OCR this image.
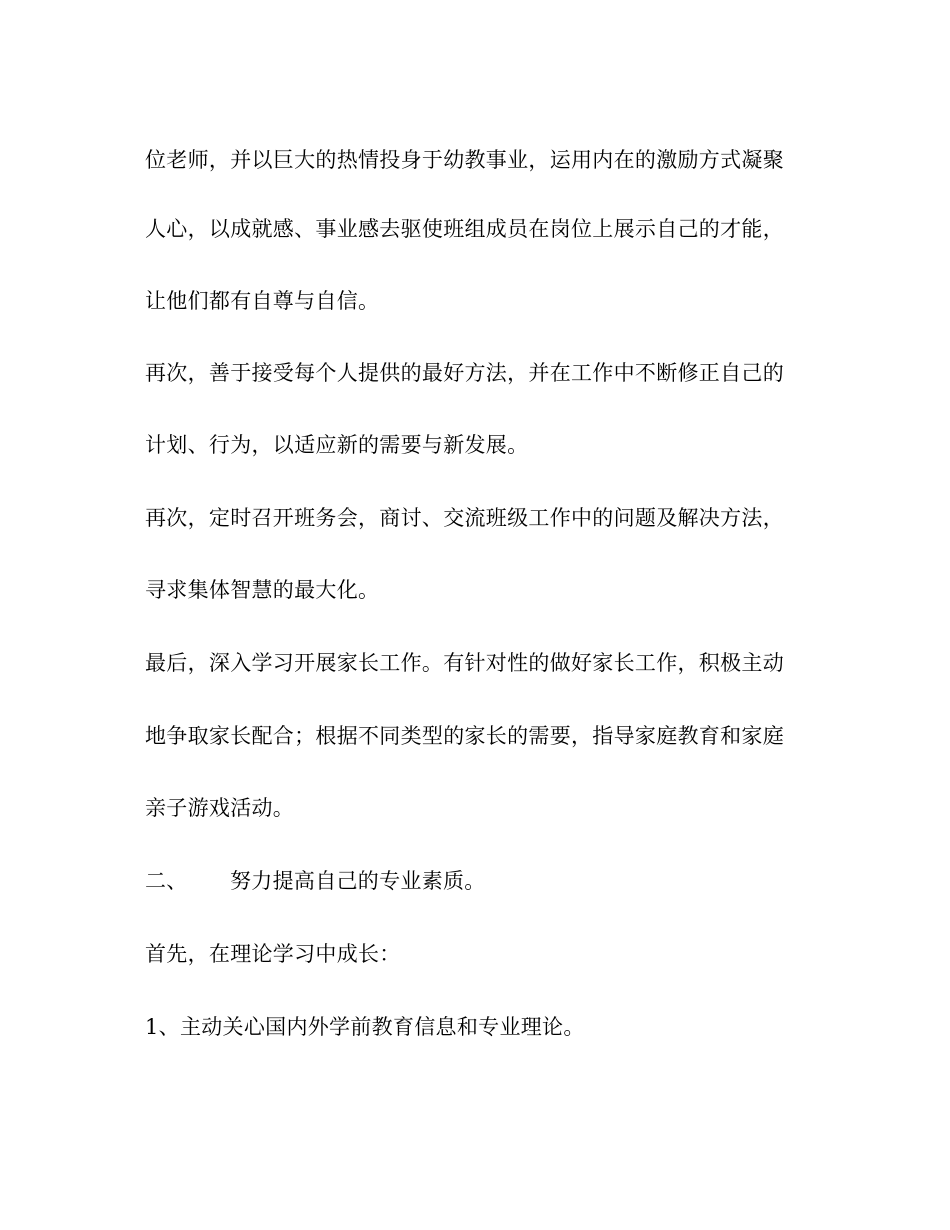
位老师，并以巨大的热情投身于幼教事业，运用内在的激励方式凝聚
人心，以成就感、事业感去驱使班组成员在岗位上展示自己的才能，
让他们都有自尊与自信。
再次，善于接受每个人提供的最好方法，并在工作中不断修正自己的
计划、行为，以适应新的需要与新发展。
再次，定时召开班务会，商讨、交流班级工作中的问题及解决方法，
寻求集体智慧的最大化。
最后，深入学习开展家长工作。有针对性的做好家长工作，积极主动
地争取家长配合；根据不同类型的家长的需要，指导家庭教育和家庭
亲子游戏活动。
二、 努力提高自己的专业素质。
首先，在理论学习中成长：
1、主动关心国内外学前教育信息和专业理论。
